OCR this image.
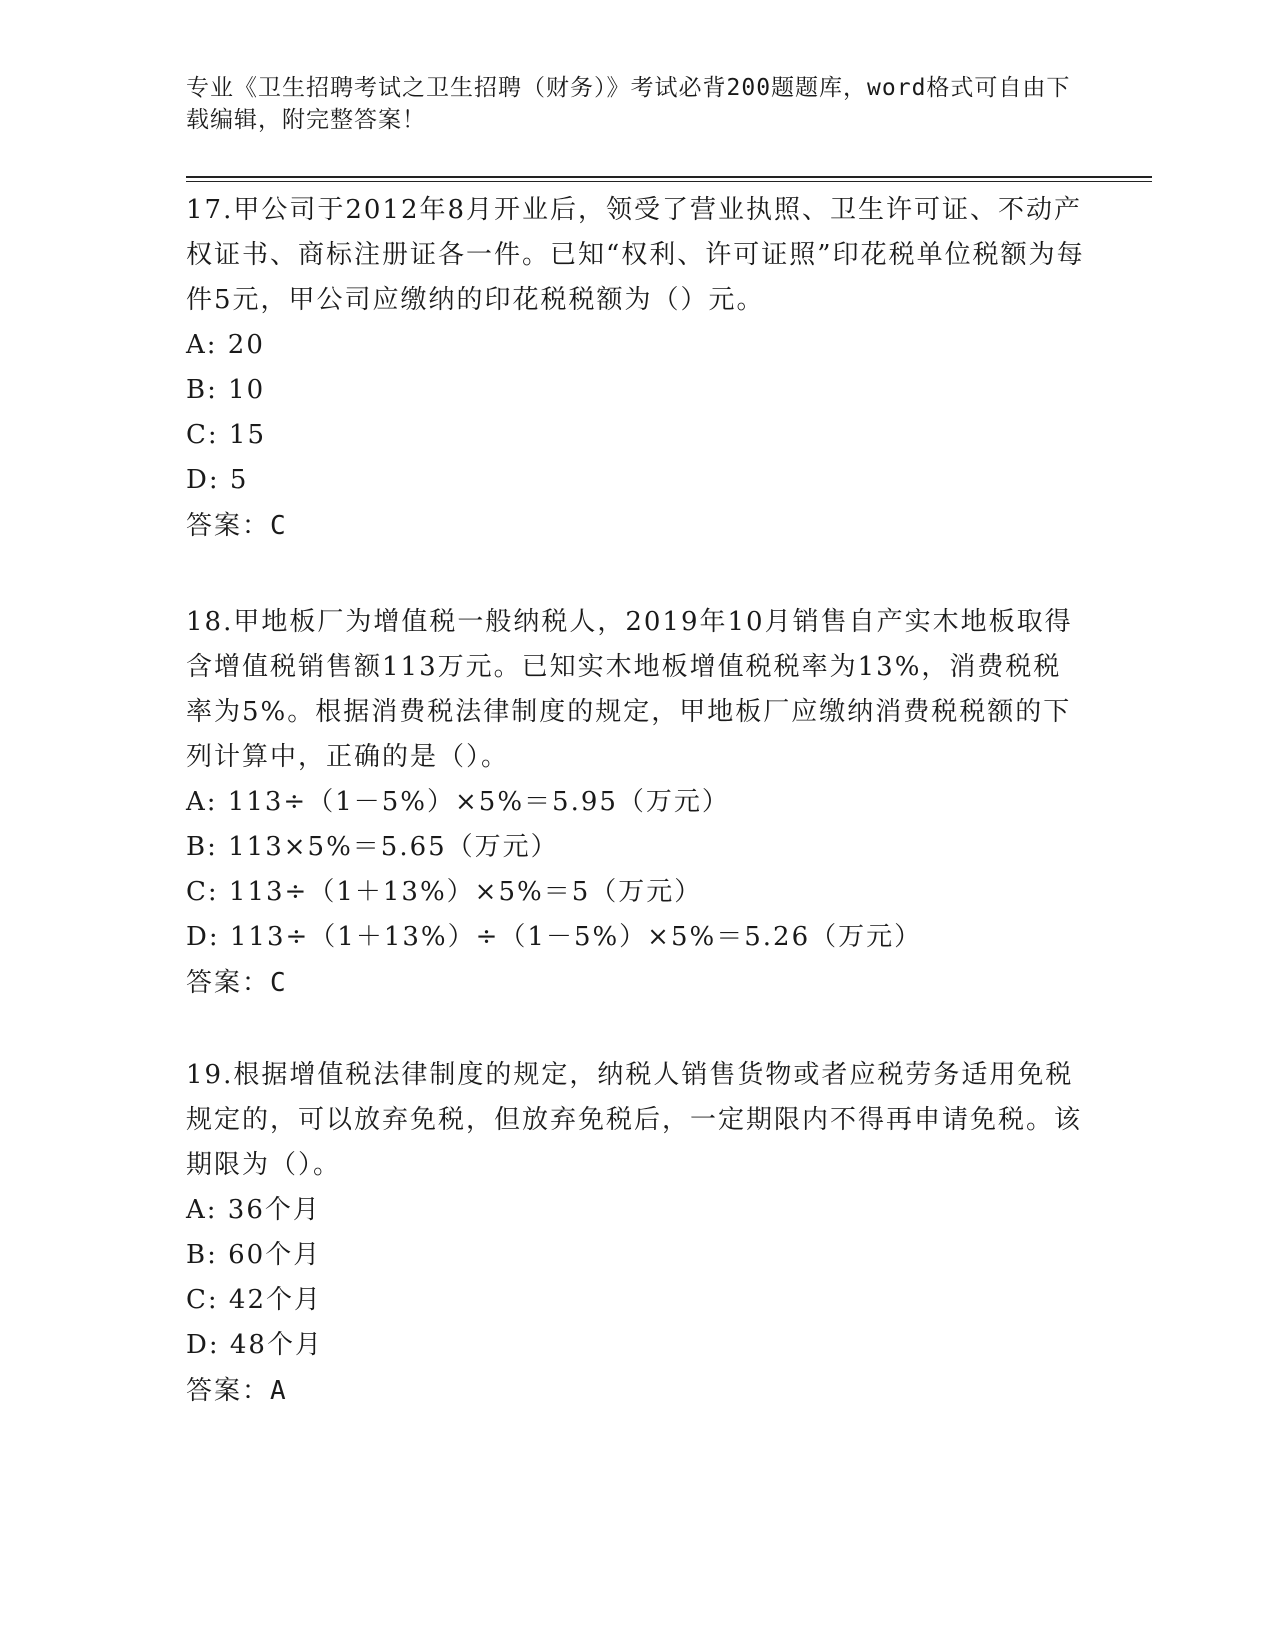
专业《卫生招聘考试之卫生招聘（财务）》考试必背200题题库，word格式可自由下载编辑，附完整答案！

17.甲公司于2012年8月开业后，领受了营业执照、卫生许可证、不动产权证书、商标注册证各一件。已知“权利、许可证照”印花税单位税额为每件5元，甲公司应缴纳的印花税税额为（）元。

A: 20

B: 10

C: 15

D: 5

答案：C

18.甲地板厂为增值税一般纳税人，2019年10月销售自产实木地板取得含增值税销售额113万元。已知实木地板增值税税率为13%，消费税税率为5%。根据消费税法律制度的规定，甲地板厂应缴纳消费税税额的下列计算中，正确的是（）。

A: 113÷（1－5%）×5%＝5.95（万元）

B: 113×5%＝5.65（万元）

C: 113÷（1＋13%）×5%＝5（万元）

D: 113÷（1＋13%）÷（1－5%）×5%＝5.26（万元）

答案：C

19.根据增值税法律制度的规定，纳税人销售货物或者应税劳务适用免税规定的，可以放弃免税，但放弃免税后，一定期限内不得再申请免税。该期限为（）。

A: 36个月

B: 60个月

C: 42个月

D: 48个月

答案：A
